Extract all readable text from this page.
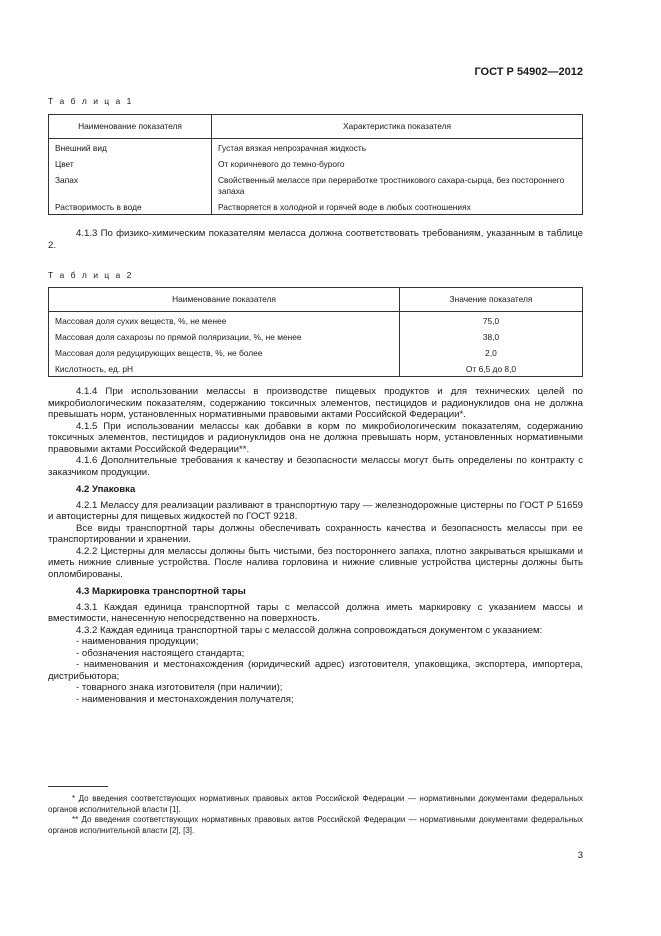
ГОСТ Р 54902—2012
Т а б л и ц а 1
Наименование показателя	Характеристика показателя
Внешний вид	Густая вязкая непрозрачная жидкость
Цвет	От коричневого до темно-бурого
Запах	Свойственный мелассе при переработке тростникового сахара-сырца, без постороннего запаха
Растворимость в воде	Растворяется в холодной и горячей воде в любых соотношениях

4.1.3 По физико-химическим показателям меласса должна соответствовать требованиям, указанным в таблице 2.

Т а б л и ц а 2
Наименование показателя	Значение показателя
Массовая доля сухих веществ, %, не менее	75,0
Массовая доля сахарозы по прямой поляризации, %, не менее	38,0
Массовая доля редуцирующих веществ, %, не более	2,0
Кислотность, ед. рН	От 6,5 до 8,0

4.1.4 При использовании мелассы в производстве пищевых продуктов и для технических целей по микробиологическим показателям, содержанию токсичных элементов, пестицидов и радионуклидов она не должна превышать норм, установленных нормативными правовыми актами Российской Федерации*.

4.1.5 При использовании мелассы как добавки в корм по микробиологическим показателям, содержанию токсичных элементов, пестицидов и радионуклидов она не должна превышать норм, установленных нормативными правовыми актами Российской Федерации**.

4.1.6 Дополнительные требования к качеству и безопасности мелассы могут быть определены по контракту с заказчиком продукции.

4.2 Упаковка

4.2.1 Мелассу для реализации разливают в транспортную тару — железнодорожные цистерны по ГОСТ Р 51659 и автоцистерны для пищевых жидкостей по ГОСТ 9218.

Все виды транспортной тары должны обеспечивать сохранность качества и безопасность мелассы при ее транспортировании и хранении.

4.2.2 Цистерны для мелассы должны быть чистыми, без постороннего запаха, плотно закрываться крышками и иметь нижние сливные устройства. После налива горловина и нижние сливные устройства цистерны должны быть опломбированы.

4.3 Маркировка транспортной тары

4.3.1 Каждая единица транспортной тары с мелассой должна иметь маркировку с указанием массы и вместимости, нанесенную непосредственно на поверхность.

4.3.2 Каждая единица транспортной тары с мелассой должна сопровождаться документом с указанием:

- наименования продукции;

- обозначения настоящего стандарта;

- наименования и местонахождения (юридический адрес) изготовителя, упаковщика, экспортера, импортера, дистрибьютора;

- товарного знака изготовителя (при наличии);

- наименования и местонахождения получателя;

* До введения соответствующих нормативных правовых актов Российской Федерации — нормативными документами федеральных органов исполнительной власти [1].

** До введения соответствующих нормативных правовых актов Российской Федерации — нормативными документами федеральных органов исполнительной власти [2], [3].

3
